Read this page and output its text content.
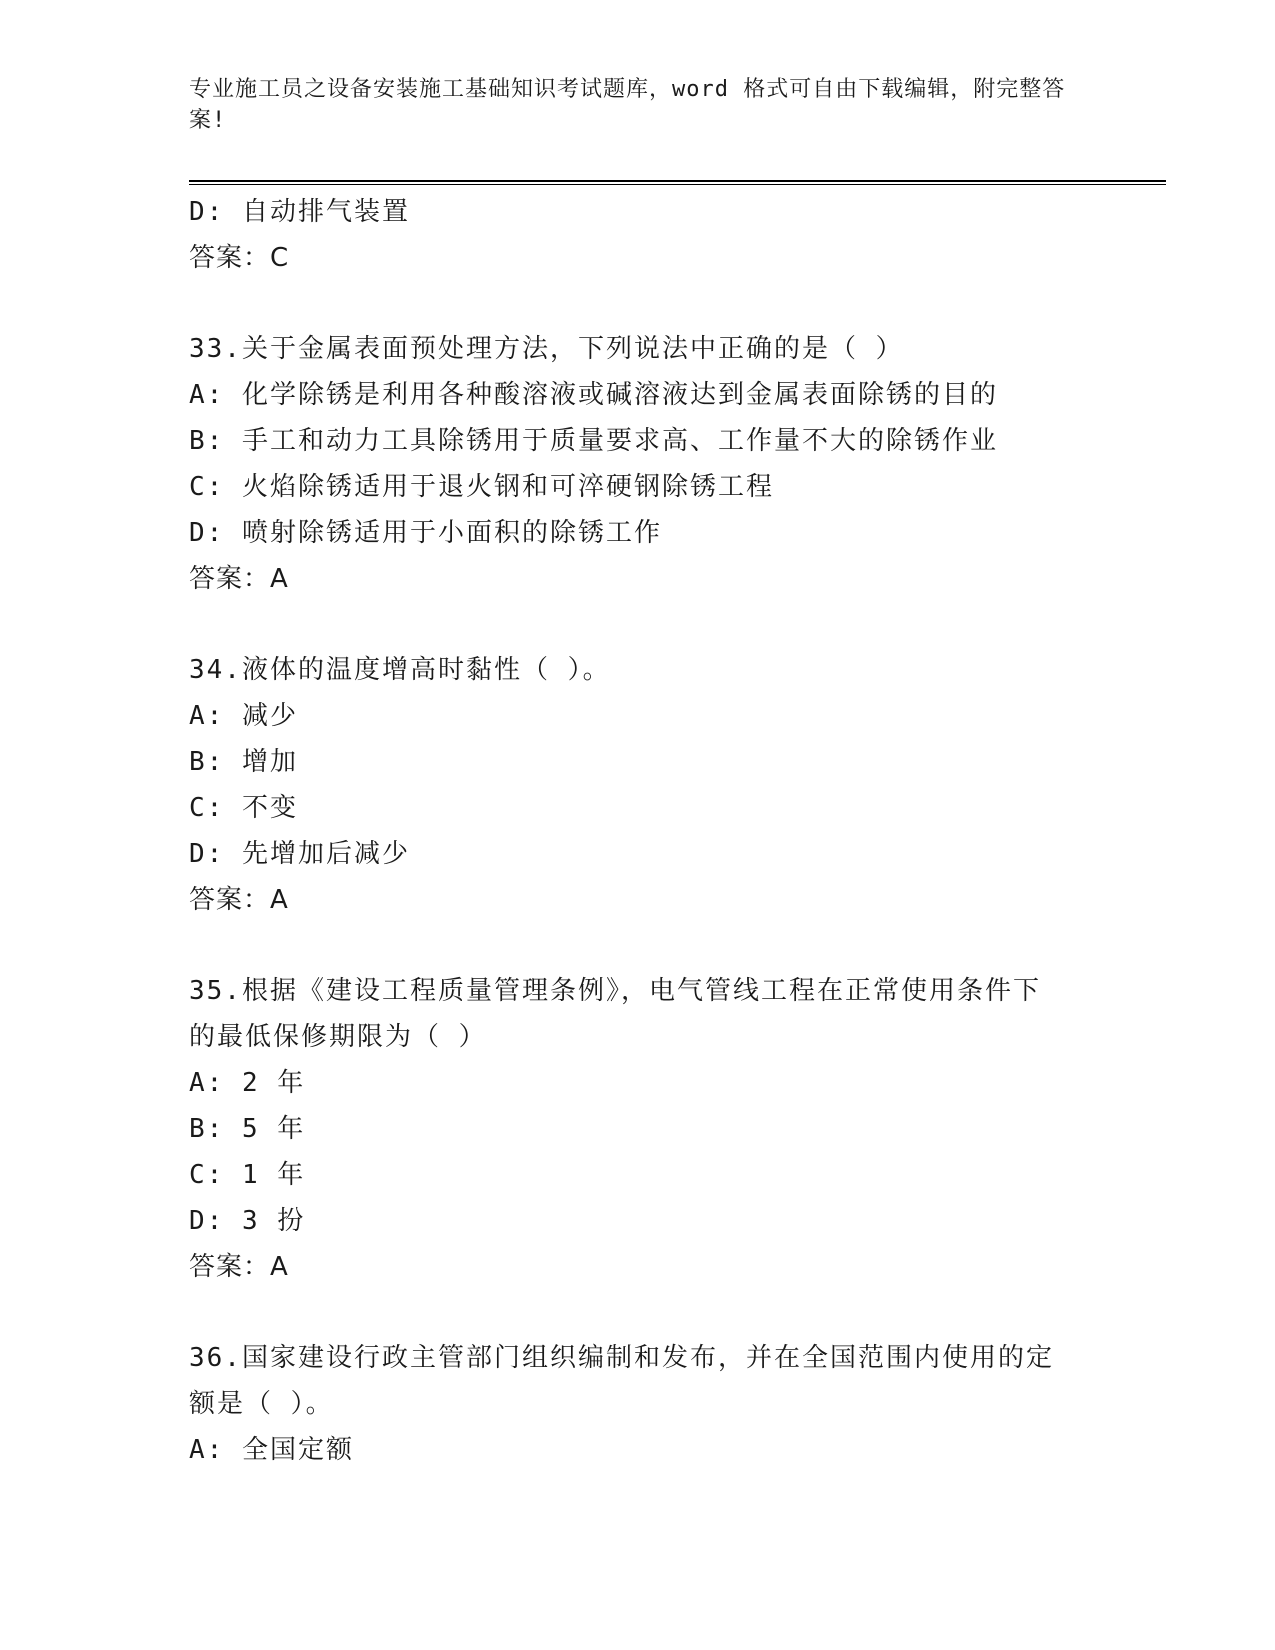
专业施工员之设备安装施工基础知识考试题库，word 格式可自由下载编辑，附完整答案!
D: 自动排气装置
答案：C
33.关于金属表面预处理方法，下列说法中正确的是（ ）
A: 化学除锈是利用各种酸溶液或碱溶液达到金属表面除锈的目的
B: 手工和动力工具除锈用于质量要求高、工作量不大的除锈作业
C: 火焰除锈适用于退火钢和可淬硬钢除锈工程
D: 喷射除锈适用于小面积的除锈工作
答案：A
34.液体的温度增高时黏性（ ）。
A: 减少
B: 增加
C: 不变
D: 先增加后减少
答案：A
35.根据《建设工程质量管理条例》，电气管线工程在正常使用条件下
的最低保修期限为（ ）
A: 2 年
B: 5 年
C: 1 年
D: 3 扮
答案：A
36.国家建设行政主管部门组织编制和发布，并在全国范围内使用的定
额是（ ）。
A: 全国定额
